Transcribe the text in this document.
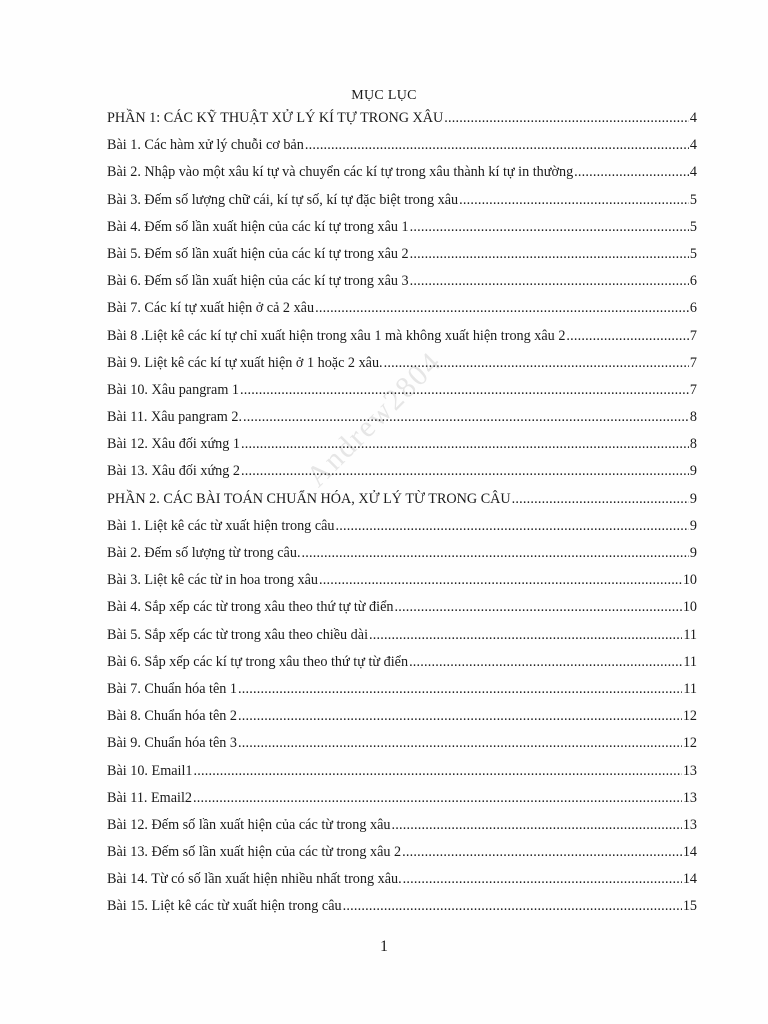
MỤC LỤC
PHẦN 1: CÁC KỸ THUẬT XỬ LÝ KÍ TỰ TRONG XÂU .....	4
Bài 1. Các hàm xử lý chuỗi cơ bản .....	4
Bài 2. Nhập vào một xâu kí tự và chuyển các kí tự trong xâu thành kí tự in thường .....	4
Bài 3. Đếm số lượng chữ cái, kí tự số, kí tự đặc biệt trong xâu .....	5
Bài 4. Đếm số lần xuất hiện của các kí tự trong xâu 1 .....	5
Bài 5. Đếm số lần xuất hiện của các kí tự trong xâu 2 .....	5
Bài 6. Đếm số lần xuất hiện của các kí tự trong xâu 3 .....	6
Bài 7. Các kí tự xuất hiện ở cả 2 xâu .....	6
Bài 8 .Liệt kê các kí tự chỉ xuất hiện trong xâu 1 mà không xuất hiện trong xâu 2 .....	7
Bài 9. Liệt kê các kí tự xuất hiện ở 1 hoặc 2 xâu. .....	7
Bài 10. Xâu pangram 1 .....	7
Bài 11. Xâu pangram 2. .....	8
Bài 12. Xâu đối xứng 1 .....	8
Bài 13. Xâu đối xứng 2 .....	9
PHẦN 2. CÁC BÀI TOÁN CHUẨN HÓA, XỬ LÝ TỪ TRONG CÂU .....	9
Bài 1. Liệt kê các từ xuất hiện trong câu .....	9
Bài 2. Đếm số lượng từ trong câu. .....	9
Bài 3. Liệt kê các từ in hoa trong xâu .....	10
Bài 4. Sắp xếp các từ trong xâu theo thứ tự từ điển .....	10
Bài 5. Sắp xếp các từ trong xâu theo chiều dài .....	11
Bài 6. Sắp xếp các kí tự trong xâu theo thứ tự từ điển .....	11
Bài 7. Chuẩn hóa tên 1 .....	11
Bài 8. Chuẩn hóa tên 2 .....	12
Bài 9. Chuẩn hóa tên 3 .....	12
Bài 10. Email1 .....	13
Bài 11. Email2 .....	13
Bài 12. Đếm số lần xuất hiện của các từ trong xâu .....	13
Bài 13. Đếm số lần xuất hiện của các từ trong xâu 2 .....	14
Bài 14. Từ có số lần xuất hiện nhiều nhất trong xâu. .....	14
Bài 15. Liệt kê các từ xuất hiện trong câu .....	15
Andrew2804
1
